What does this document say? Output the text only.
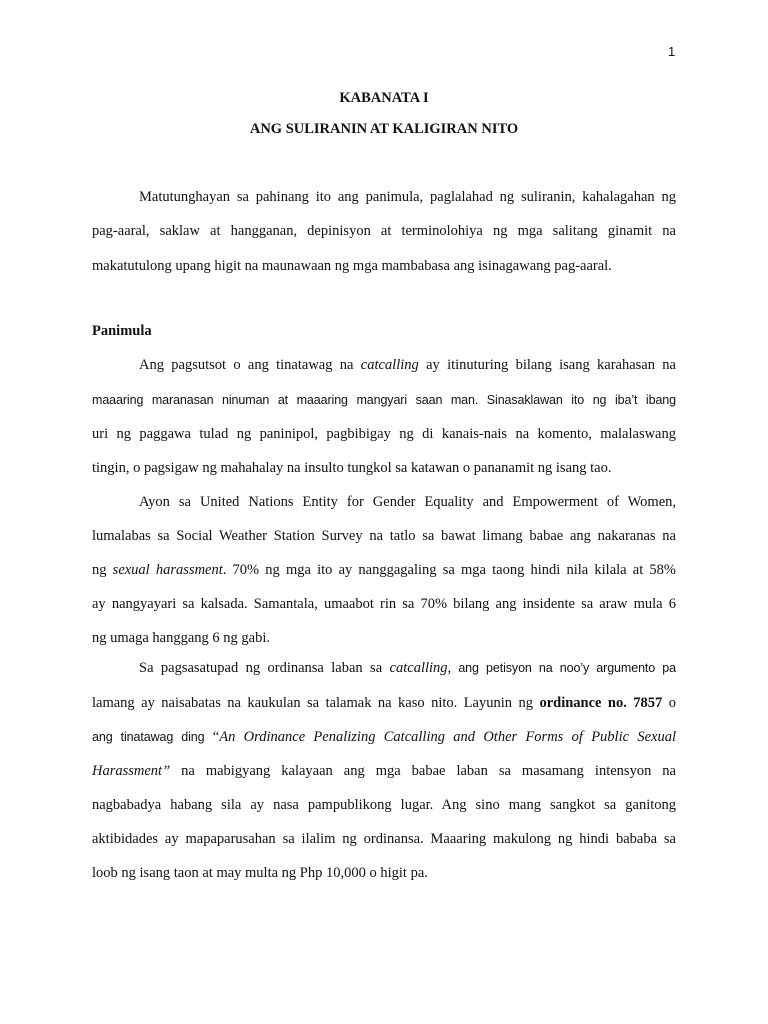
1
KABANATA I
ANG SULIRANIN AT KALIGIRAN NITO
Matutunghayan sa pahinang ito ang panimula, paglalahad ng suliranin, kahalagahan ng
pag-aaral, saklaw at hangganan, depinisyon at terminolohiya ng mga salitang ginamit na
makatutulong upang higit na maunawaan ng mga mambabasa ang isinagawang pag-aaral.
Panimula
Ang pagsutsot o ang tinatawag na catcalling ay itinuturing bilang isang karahasan na
maaaring maranasan ninuman at maaaring mangyari saan man. Sinasaklawan ito ng iba’t ibang
uri ng paggawa tulad ng paninipol, pagbibigay ng di kanais-nais na komento, malalaswang
tingin, o pagsigaw ng mahahalay na insulto tungkol sa katawan o pananamit ng isang tao.
Ayon sa United Nations Entity for Gender Equality and Empowerment of Women,
lumalabas sa Social Weather Station Survey na tatlo sa bawat limang babae ang nakaranas na
ng sexual harassment. 70% ng mga ito ay nanggagaling sa mga taong hindi nila kilala at 58%
ay nangyayari sa kalsada. Samantala, umaabot rin sa 70% bilang ang insidente sa araw mula 6
ng umaga hanggang 6 ng gabi.
Sa pagsasatupad ng ordinansa laban sa catcalling, ang petisyon na noo’y argumento pa
lamang ay naisabatas na kaukulan sa talamak na kaso nito. Layunin ng ordinance no. 7857 o
ang tinatawag ding “An Ordinance Penalizing Catcalling and Other Forms of Public Sexual
Harassment” na mabigyang kalayaan ang mga babae laban sa masamang intensyon na
nagbabadya habang sila ay nasa pampublikong lugar. Ang sino mang sangkot sa ganitong
aktibidades ay mapaparusahan sa ilalim ng ordinansa. Maaaring makulong ng hindi bababa sa
loob ng isang taon at may multa ng Php 10,000 o higit pa.
